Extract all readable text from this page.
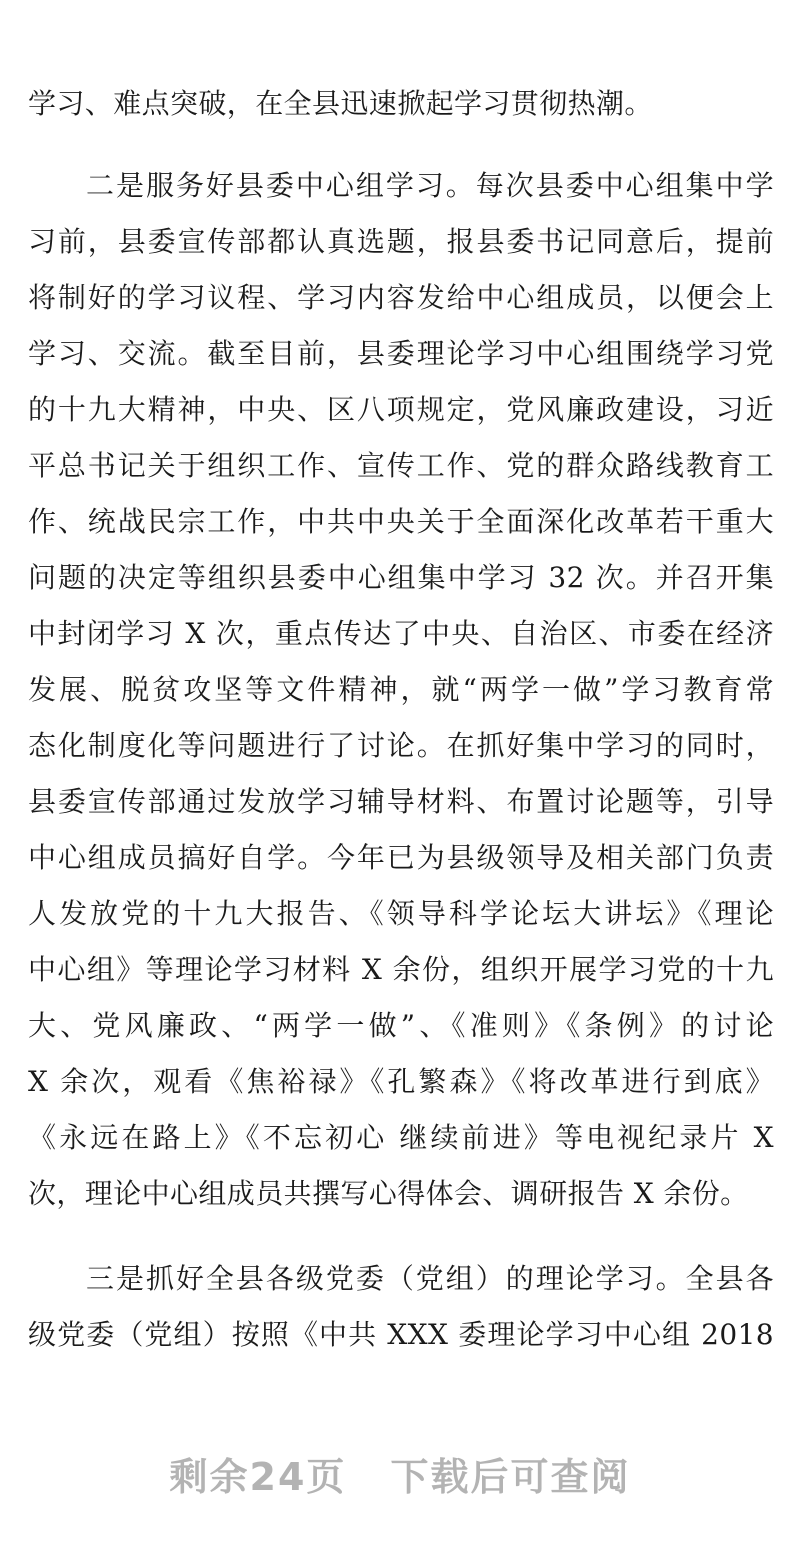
学习、难点突破，在全县迅速掀起学习贯彻热潮。
二是服务好县委中心组学习。每次县委中心组集中学
习前，县委宣传部都认真选题，报县委书记同意后，提前
将制好的学习议程、学习内容发给中心组成员，以便会上
学习、交流。截至目前，县委理论学习中心组围绕学习党
的十九大精神，中央、区八项规定，党风廉政建设，习近
平总书记关于组织工作、宣传工作、党的群众路线教育工
作、统战民宗工作，中共中央关于全面深化改革若干重大
问题的决定等组织县委中心组集中学习 32 次。并召开集
中封闭学习 X 次，重点传达了中央、自治区、市委在经济
发展、脱贫攻坚等文件精神，就“两学一做”学习教育常
态化制度化等问题进行了讨论。在抓好集中学习的同时，
县委宣传部通过发放学习辅导材料、布置讨论题等，引导
中心组成员搞好自学。今年已为县级领导及相关部门负责
人发放党的十九大报告、《领导科学论坛大讲坛》《理论
中心组》等理论学习材料 X 余份，组织开展学习党的十九
大、党风廉政、“两学一做”、《准则》《条例》的讨论
X 余次，观看《焦裕禄》《孔繁森》《将改革进行到底》
《永远在路上》《不忘初心 继续前进》等电视纪录片 X
次，理论中心组成员共撰写心得体会、调研报告 X 余份。
三是抓好全县各级党委（党组）的理论学习。全县各
级党委（党组）按照《中共 XXX 委理论学习中心组 2018
剩余24页 下载后可查阅
